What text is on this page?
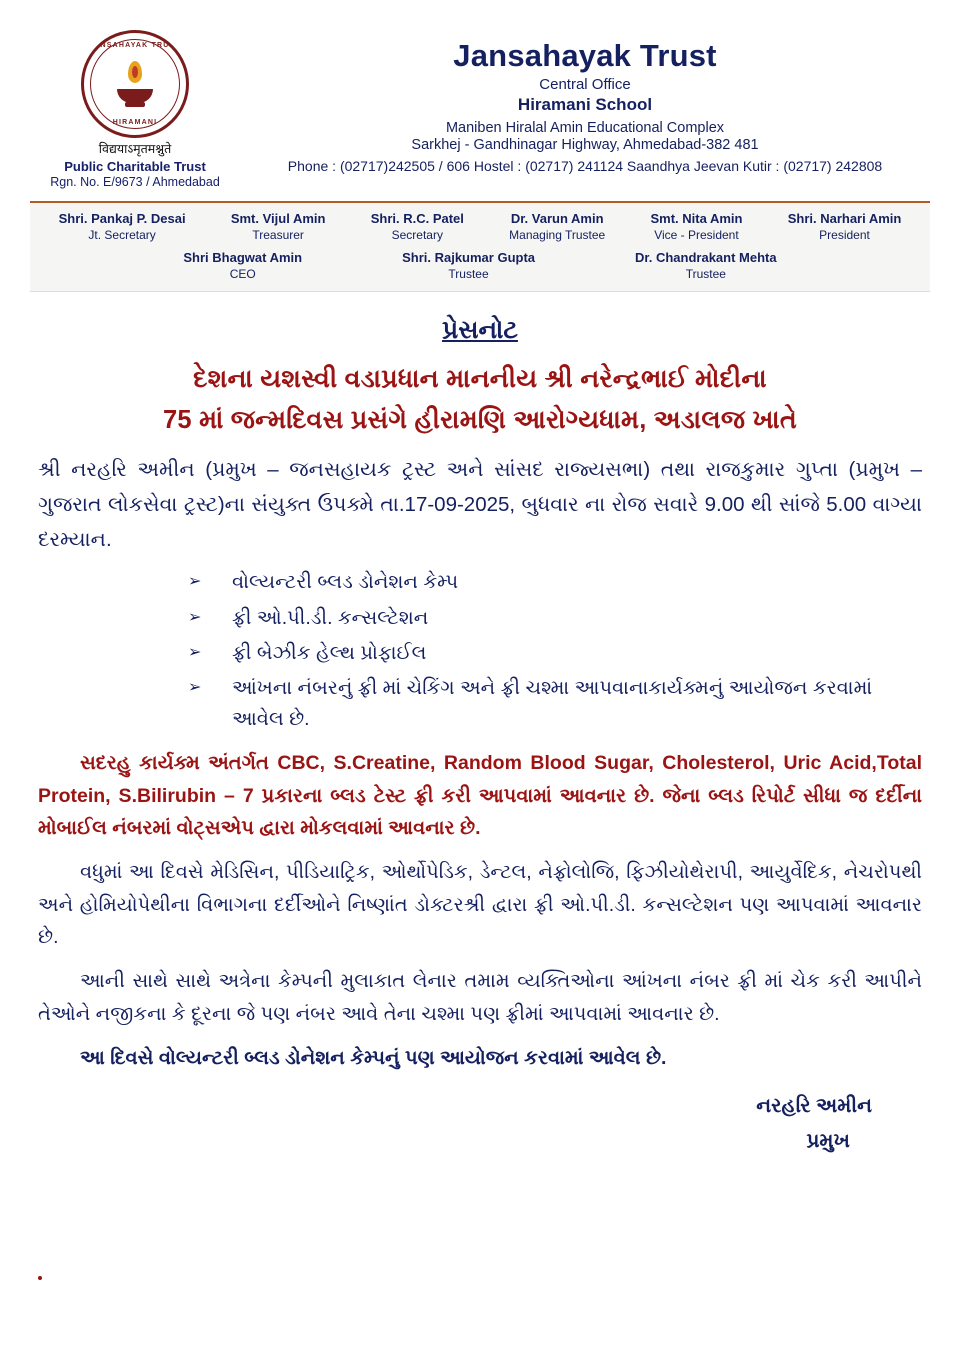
JANSAHAYAK TRUST
HIRAMANI
विद्ययाऽमृतमश्नुते
Public Charitable Trust
Rgn. No. E/9673 / Ahmedabad
Jansahayak Trust
Central Office
Hiramani School
Maniben Hiralal Amin Educational Complex
Sarkhej - Gandhinagar Highway, Ahmedabad-382 481
Phone : (02717)242505 / 606 Hostel : (02717) 241124 Saandhya Jeevan Kutir : (02717) 242808
Shri. Pankaj P. Desai
Jt. Secretary
Smt. Vijul Amin
Treasurer
Shri. R.C. Patel
Secretary
Dr. Varun Amin
Managing Trustee
Smt. Nita Amin
Vice - President
Shri. Narhari Amin
President
Shri Bhagwat Amin
CEO
Shri. Rajkumar Gupta
Trustee
Dr. Chandrakant Mehta
Trustee
પ્રેસનોટ
દેશના યશસ્વી વડાપ્રધાન માનનીય શ્રી નરેન્દ્રભાઈ મોદીના
75 માં જન્મદિવસ પ્રસંગે હીરામણિ આરોગ્યધામ, અડાલજ ખાતે
શ્રી નરહરિ અમીન (પ્રમુખ – જનસહાયક ટ્રસ્ટ અને સાંસદ રાજ્યસભા) તથા રાજકુમાર ગુપ્તા (પ્રમુખ – ગુજરાત લોકસેવા ટ્રસ્ટ)ના સંયુક્ત ઉપક્મે તા.17-09-2025, બુધવાર ના રોજ સવારે 9.00 થી સાંજે 5.00 વાગ્યા દરમ્યાન.
➢	વોલ્યન્ટરી બ્લડ ડોનેશન કેમ્પ
➢	ફ્રી ઓ.પી.ડી. કન્સલ્ટેશન
➢	ફ્રી બેઝીક હેલ્થ પ્રોફાઈલ
➢	આંખના નંબરનું ફ્રી માં ચેકિંગ અને ફ્રી ચશ્મા આપવાનાકાર્યક્મનું આયોજન કરવામાં આવેલ છે.
સદરહુ કાર્યક્મ અંતર્ગત CBC, S.Creatine, Random Blood Sugar, Cholesterol, Uric Acid,Total Protein, S.Bilirubin – 7 પ્રકારના બ્લડ ટેસ્ટ ફ્રી કરી આપવામાં આવનાર છે. જેના બ્લડ રિપોર્ટ સીધા જ દર્દીના મોબાઈલ નંબરમાં વોટ્સએપ દ્વારા મોકલવામાં આવનાર છે.
વધુમાં આ દિવસે મેડિસિન, પીડિયાટ્રિક, ઓર્થોપેડિક, ડેન્ટલ, નેફ્રોલોજિ, ફિઝીયોથેરાપી, આયુર્વેદિક, નેચરોપથી અને હોમિયોપેથીના વિભાગના દર્દીઓને નિષ્ણાંત ડોક્ટરશ્રી દ્વારા ફ્રી ઓ.પી.ડી. કન્સલ્ટેશન પણ આપવામાં આવનાર છે.
આની સાથે સાથે અત્રેના કેમ્પની મુલાકાત લેનાર તમામ વ્યક્તિઓના આંખના નંબર ફ્રી માં ચેક કરી આપીને તેઓને નજીકના કે દૂરના જે પણ નંબર આવે તેના ચશ્મા પણ ફ્રીમાં આપવામાં આવનાર છે.
આ દિવસે વોલ્યન્ટરી બ્લડ ડોનેશન કેમ્પનું પણ આયોજન કરવામાં આવેલ છે.
નરહરિ અમીન
પ્રમુખ
